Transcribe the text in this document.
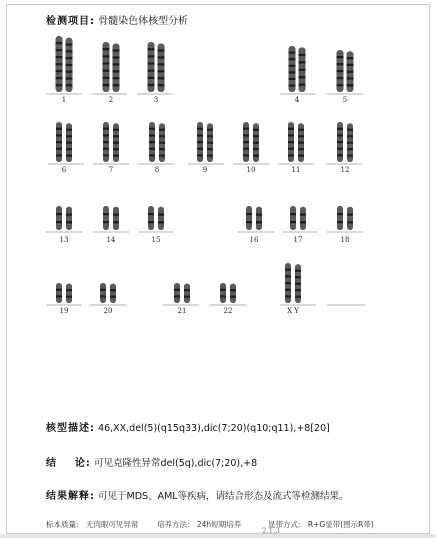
检测项目: 骨髓染色体核型分析
1	2	3	4	5
6	7	8	9	10	11	12
13	14	15	16	17	18
19	20	21	22	X Y
核型描述: 46,XX,del(5)(q15q33),dic(7;20)(q10;q11),+8[20]
结    论: 可见克隆性异常del(5q),dic(7;20),+8
结果解释: 可见于MDS、AML等疾病，请结合形态及流式等检测结果。
标本质量： 无肉眼可见异常 培养方法： 24h短期培养	显带方式： R+G显带(图示R带)
2.1.3
